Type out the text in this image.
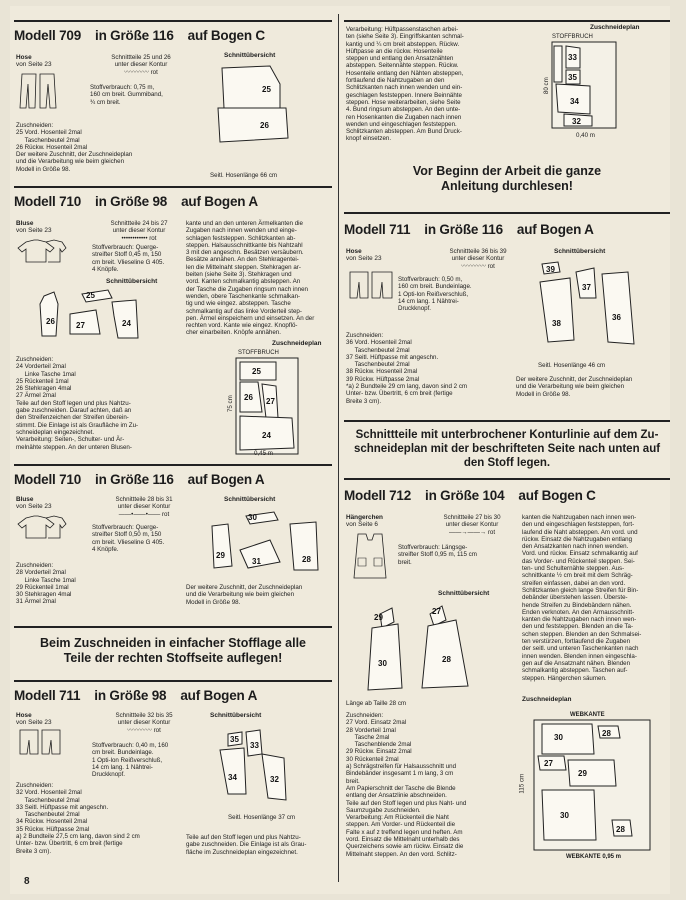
Modell 709 in Größe 116 auf Bogen C
Hose
von Seite 23
Schnittteile 25 und 26
unter dieser Kontur
〰〰〰〰 rot
Stoffverbrauch: 0,75 m,
160 cm breit. Gummiband,
¾ cm breit.
Schnittübersicht
25
26
Zuschneiden:
25 Vord. Hosenteil 2mal
Taschenbeutel 2mal
26 Rückw. Hosenteil 2mal
Der weitere Zuschnitt, der Zuschneideplan
und die Verarbeitung wie beim gleichen
Modell in Größe 98.
Seitl. Hosenlänge 66 cm
Modell 710 in Größe 98 auf Bogen A
Bluse
von Seite 23
Schnittteile 24 bis 27
unter dieser Kontur
•••••••••••• rot
Stoffverbrauch: Querge-
streifter Stoff 0,45 m, 150
cm breit. Vlieseline G 405.
4 Knöpfe.
Schnittübersicht
25
26	27	24
Zuschneiden:
24 Vorderteil 2mal
Linke Tasche 1mal
25 Rückenteil 1mal
26 Stehkragen 4mal
27 Ärmel 2mal
Teile auf den Stoff legen und plus Nahtzu-
gabe zuschneiden. Darauf achten, daß an
den Streifenzeichen der Streifen überein-
stimmt. Die Einlage ist als Graufläche im Zu-
schneideplan eingezeichnet.
Verarbeitung: Seiten-, Schulter- und Är-
melnähte steppen. An der unteren Blusen-
kante und an den unteren Ärmelkanten die
Zugaben nach innen wenden und einge-
schlagen feststeppen. Schlitzkanten ab-
steppen. Halsausschnittkante bis Nahtzahl
3 mit den angeschn. Besätzen versäubern.
Besätze annähen. An den Stehkragentei-
len die Mittelnaht steppen. Stehkragen ar-
beiten (siehe Seite 3). Stehkragen und
vord. Kanten schmalkantig absteppen. An
der Tasche die Zugaben ringsum nach innen
wenden, obere Taschenkante schmalkan-
tig und wie eingez. absteppen. Tasche
schmalkantig auf das linke Vorderteil step-
pen. Ärmel einspeichern und einsetzen. An der
rechten vord. Kante wie eingez. Knopflö-
cher einarbeiten. Knöpfe annähen.
Zuschneideplan
STOFFBRUCH
25
26 27
24
75 cm
0,45 m
Modell 710 in Größe 116 auf Bogen A
Bluse
von Seite 23
Schnittteile 28 bis 31
unter dieser Kontur
——•——•—— rot
Stoffverbrauch: Querge-
streifter Stoff 0,50 m, 150
cm breit. Vlieseline G 405.
4 Knöpfe.
Schnittübersicht
30
29
31	28
Zuschneiden:
28 Vorderteil 2mal
Linke Tasche 1mal
29 Rückenteil 1mal
30 Stehkragen 4mal
31 Ärmel 2mal
Der weitere Zuschnitt, der Zuschneideplan
und die Verarbeitung wie beim gleichen
Modell in Größe 98.
Beim Zuschneiden in einfacher Stofflage alle
Teile der rechten Stoffseite auflegen!
Modell 711 in Größe 98 auf Bogen A
Hose
von Seite 23
Schnittteile 32 bis 35
unter dieser Kontur
〰〰〰〰 rot
Stoffverbrauch: 0,40 m, 160
cm breit. Bundeinlage.
1 Opti-lon Reißverschluß,
14 cm lang. 1 Nähtrei-
Druckknopf.
Schnittübersicht
35
33
34	32
Zuschneiden:
32 Vord. Hosenteil 2mal
Taschenbeutel 2mal
33 Seitl. Hüftpasse mit angeschn.
Taschenbeutel 2mal
34 Rückw. Hosenteil 2mal
35 Rückw. Hüftpasse 2mal
a) 2 Bundteile 27,5 cm lang, davon sind 2 cm
Unter- bzw. Übertritt, 6 cm breit (fertige
Breite 3 cm).
Seitl. Hosenlänge 37 cm
Teile auf den Stoff legen und plus Nahtzu-
gabe zuschneiden. Die Einlage ist als Grau-
fläche im Zuschneideplan eingezeichnet.
Verarbeitung: Hüftpassenstaschen arbei-
ten (siehe Seite 3). Eingriffskanten schmal-
kantig und ¼ cm breit absteppen. Rückw.
Hüftpasse an die rückw. Hosenteile
steppen und entlang den Ansatznähten
absteppen. Seitennähte steppen. Rückw.
Hosenteile entlang den Nähten absteppen,
fortlaufend die Nahtzugaben an den
Schlitzkanten nach innen wenden und ein-
geschlagen feststeppen. Innere Beinnähte
steppen. Hose weiterarbeiten, siehe Seite
4. Bund ringsum absteppen. An den unte-
ren Hosenkanten die Zugaben nach innen
wenden und eingeschlagen feststeppen.
Schlitzkanten absteppen. Am Bund Druck-
knopf einsetzen.
Zuschneideplan
STOFFBRUCH
33
35
34
32
80 cm
0,40 m
Vor Beginn der Arbeit die ganze
Anleitung durchlesen!
Modell 711 in Größe 116 auf Bogen A
Hose
von Seite 23
Schnittteile 36 bis 39
unter dieser Kontur
〰〰〰〰 rot
Stoffverbrauch: 0,50 m,
160 cm breit. Bundeinlage.
1 Opti-lon Reißverschluß,
14 cm lang. 1 Nähtrei-
Druckknopf.
Schnittübersicht
39
37
38
36
Zuschneiden:
36 Vord. Hosenteil 2mal
Taschenbeutel 2mal
37 Seitl. Hüftpasse mit angeschn.
Taschenbeutel 2mal
38 Rückw. Hosenteil 2mal
39 Rückw. Hüftpasse 2mal
*a) 2 Bundteile 29 cm lang, davon sind 2 cm
Unter- bzw. Übertritt, 6 cm breit (fertige
Breite 3 cm).
Seitl. Hosenlänge 46 cm
Der weitere Zuschnitt, der Zuschneideplan
und die Verarbeitung wie beim gleichen
Modell in Größe 98.
Schnittteile mit unterbrochener Konturlinie auf dem Zu-
schneideplan mit der beschrifteten Seite nach unten auf
den Stoff legen.
Modell 712 in Größe 104 auf Bogen C
Hängerchen
von Seite 6
Schnittteile 27 bis 30
unter dieser Kontur
——→——→ rot
Stoffverbrauch: Längsge-
streifter Stoff 0,95 m, 115 cm
breit.
Schnittübersicht
29
27
30	28
Länge ab Taille 28 cm
Zuschneiden:
27 Vord. Einsatz 2mal
28 Vorderteil 1mal
Tasche 2mal
Taschenblende 2mal
29 Rückw. Einsatz 2mal
30 Rückenteil 2mal
a) Schrägstreifen für Halsausschnitt und
Bindebänder insgesamt 1 m lang, 3 cm
breit.
Am Papierschnitt der Tasche die Blende
entlang der Ansatzlinie abschneiden.
Teile auf den Stoff legen und plus Naht- und
Saumzugabe zuschneiden.
Verarbeitung: Am Rückenteil die Naht
steppen. Am Vorder- und Rückenteil die
Falte x auf z treffend legen und heften. Am
vord. Einsatz die Mittelnaht unterhalb des
Querzeichens sowie am rückw. Einsatz die
Mittelnaht steppen. An den vord. Schlitz-
kanten die Nahtzugaben nach innen wen-
den und eingeschlagen feststeppen, fort-
laufend die Naht absteppen. Am vord. und
rückw. Einsatz die Nahtzugaben entlang
den Ansatzkanten nach innen wenden.
Vord. und rückw. Einsatz schmalkantig auf
das Vorder- und Rückenteil steppen. Sei-
ten- und Schulternähte steppen. Aus-
schnittkante ½ cm breit mit dem Schräg-
streifen einfassen, dabei an den vord.
Schlitzkanten gleich lange Streifen für Bin-
debänder überstehen lassen. Überste-
hende Streifen zu Bindebändern nähen.
Enden verknoten. An den Armausschnitt-
kanten die Nahtzugaben nach innen wen-
den und feststeppen. Blenden an die Ta-
schen steppen. Blenden an den Schmalsei-
ten verstürzen, fortlaufend die Zugaben
der seitl. und unteren Taschenkanten nach
innen wenden. Blenden innen eingeschla-
gen auf die Ansatznaht nähen. Blenden
schmalkantig absteppen. Taschen auf-
steppen. Hängerchen säumen.
Zuschneideplan
WEBKANTE
30	28
27
29
30
28
115 cm
WEBKANTE 0,95 m
8
